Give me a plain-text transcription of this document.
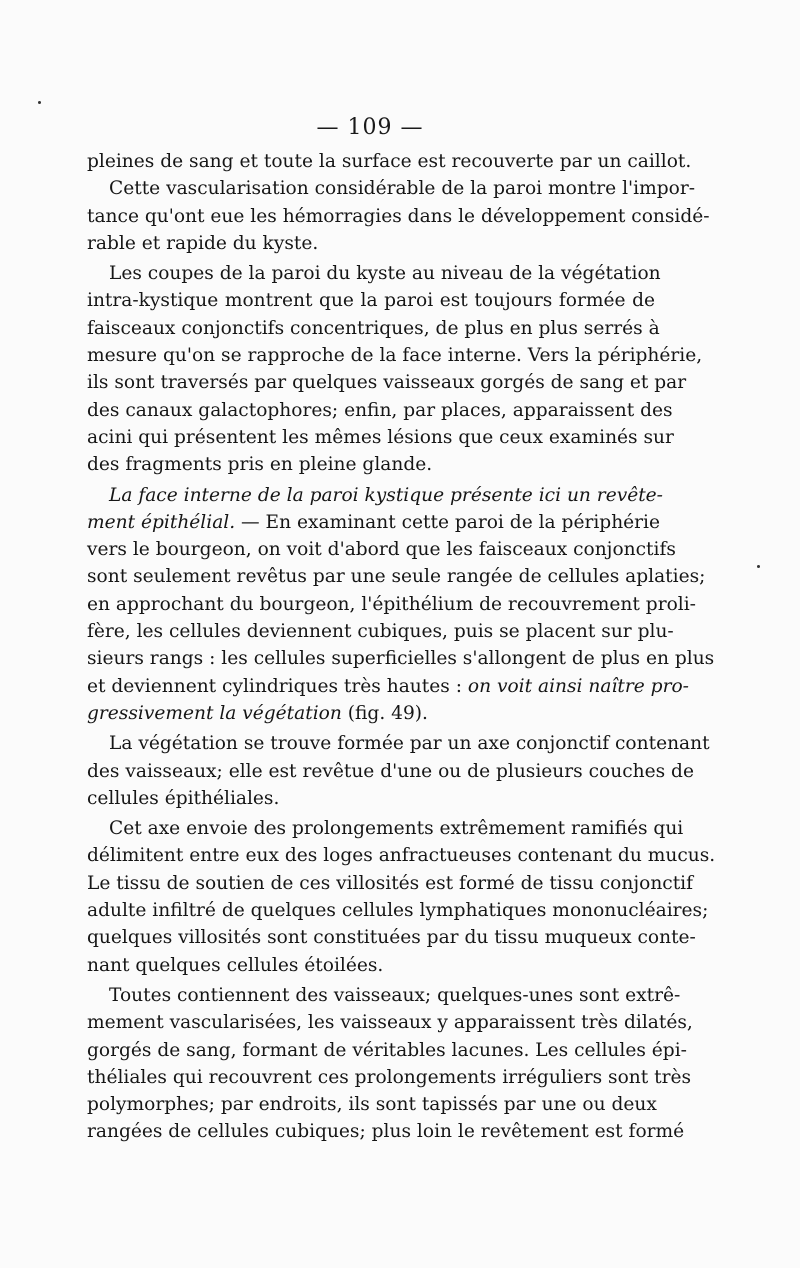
— 109 —
pleines de sang et toute la surface est recouverte par un caillot.
Cette vascularisation considérable de la paroi montre l'impor-
tance qu'ont eue les hémorragies dans le développement considé-
rable et rapide du kyste.
Les coupes de la paroi du kyste au niveau de la végétation
intra-kystique montrent que la paroi est toujours formée de
faisceaux conjonctifs concentriques, de plus en plus serrés à
mesure qu'on se rapproche de la face interne. Vers la périphérie,
ils sont traversés par quelques vaisseaux gorgés de sang et par
des canaux galactophores; enfin, par places, apparaissent des
acini qui présentent les mêmes lésions que ceux examinés sur
des fragments pris en pleine glande.
La face interne de la paroi kystique présente ici un revête-
ment épithélial. — En examinant cette paroi de la périphérie
vers le bourgeon, on voit d'abord que les faisceaux conjonctifs
sont seulement revêtus par une seule rangée de cellules aplaties;
en approchant du bourgeon, l'épithélium de recouvrement proli-
fère, les cellules deviennent cubiques, puis se placent sur plu-
sieurs rangs : les cellules superficielles s'allongent de plus en plus
et deviennent cylindriques très hautes : on voit ainsi naître pro-
gressivement la végétation (fig. 49).
La végétation se trouve formée par un axe conjonctif contenant
des vaisseaux; elle est revêtue d'une ou de plusieurs couches de
cellules épithéliales.
Cet axe envoie des prolongements extrêmement ramifiés qui
délimitent entre eux des loges anfractueuses contenant du mucus.
Le tissu de soutien de ces villosités est formé de tissu conjonctif
adulte infiltré de quelques cellules lymphatiques mononucléaires;
quelques villosités sont constituées par du tissu muqueux conte-
nant quelques cellules étoilées.
Toutes contiennent des vaisseaux; quelques-unes sont extrê-
mement vascularisées, les vaisseaux y apparaissent très dilatés,
gorgés de sang, formant de véritables lacunes. Les cellules épi-
théliales qui recouvrent ces prolongements irréguliers sont très
polymorphes; par endroits, ils sont tapissés par une ou deux
rangées de cellules cubiques; plus loin le revêtement est formé
